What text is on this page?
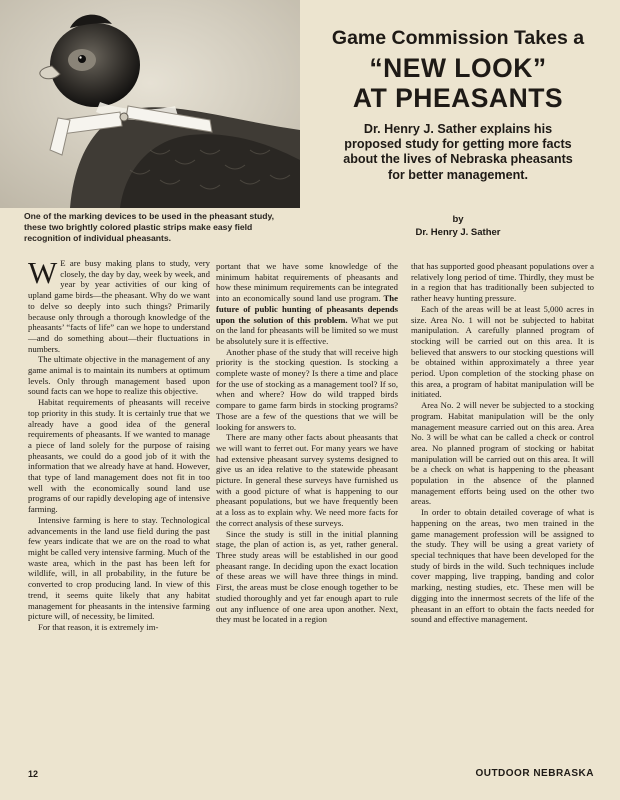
One of the marking devices to be used in the pheasant study, these two brightly colored plastic strips make easy field recognition of individual pheasants.
Game Commission Takes a
“NEW LOOK”
AT PHEASANTS
Dr. Henry J. Sather explains his proposed study for getting more facts about the lives of Nebraska pheasants for better management.
by
Dr. Henry J. Sather

W E are busy making plans to study, very closely, the day by day, week by week, and year by year activities of our king of upland game birds—the pheasant. Why do we want to delve so deeply into such things? Primarily because only through a thorough knowledge of the pheasants’ “facts of life” can we hope to understand—and do something about—their fluctuations in numbers.

The ultimate objective in the management of any game animal is to maintain its numbers at optimum levels. Only through management based upon sound facts can we hope to realize this objective.

Habitat requirements of pheasants will receive top priority in this study. It is certainly true that we already have a good idea of the general requirements of pheasants. If we wanted to manage a piece of land solely for the purpose of raising pheasants, we could do a good job of it with the information that we already have at hand. However, that type of land management does not fit in too well with the economically sound land use programs of our rapidly developing age of intensive farming.

Intensive farming is here to stay. Technological advancements in the land use field during the past few years indicate that we are on the road to what might be called very intensive farming. Much of the waste area, which in the past has been left for wildlife, will, in all probability, in the future be converted to crop producing land. In view of this trend, it seems quite likely that any habitat management for pheasants in the intensive farming picture will, of necessity, be limited.

For that reason, it is extremely im-

portant that we have some knowledge of the minimum habitat requirements of pheasants and how these minimum requirements can be integrated into an economically sound land use program. The future of public hunting of pheasants depends upon the solution of this problem. What we put on the land for pheasants will be limited so we must be absolutely sure it is effective.

Another phase of the study that will receive high priority is the stocking question. Is stocking a complete waste of money? Is there a time and place for the use of stocking as a management tool? If so, when and where? How do wild trapped birds compare to game farm birds in stocking programs? Those are a few of the questions that we will be looking for answers to.

There are many other facts about pheasants that we will want to ferret out. For many years we have had extensive pheasant survey systems designed to give us an idea relative to the statewide pheasant picture. In general these surveys have furnished us with a good picture of what is happening to our pheasant populations, but we have frequently been at a loss as to explain why. We need more facts for the correct analysis of these surveys.

Since the study is still in the initial planning stage, the plan of action is, as yet, rather general. Three study areas will be established in our good pheasant range. In deciding upon the exact location of these areas we will have three things in mind. First, the areas must be close enough together to be studied thoroughly and yet far enough apart to rule out any influence of one area upon another. Next, they must be located in a region

that has supported good pheasant populations over a relatively long period of time. Thirdly, they must be in a region that has traditionally been subjected to rather heavy hunting pressure.

Each of the areas will be at least 5,000 acres in size. Area No. 1 will not be subjected to habitat manipulation. A carefully planned program of stocking will be carried out on this area. It is believed that answers to our stocking questions will be obtained within approximately a three year period. Upon completion of the stocking phase on this area, a program of habitat manipulation will be initiated.

Area No. 2 will never be subjected to a stocking program. Habitat manipulation will be the only management measure carried out on this area. Area No. 3 will be what can be called a check or control area. No planned program of stocking or habitat manipulation will be carried out on this area. It will be a check on what is happening to the pheasant population in the absence of the planned management efforts being used on the other two areas.

In order to obtain detailed coverage of what is happening on the areas, two men trained in the game management profession will be assigned to the study. They will be using a great variety of special techniques that have been developed for the study of birds in the wild. Such techniques include cover mapping, live trapping, banding and color marking, nesting studies, etc. These men will be digging into the innermost secrets of the life of the pheasant in an effort to obtain the facts needed for sound and effective management.

12	OUTDOOR NEBRASKA
